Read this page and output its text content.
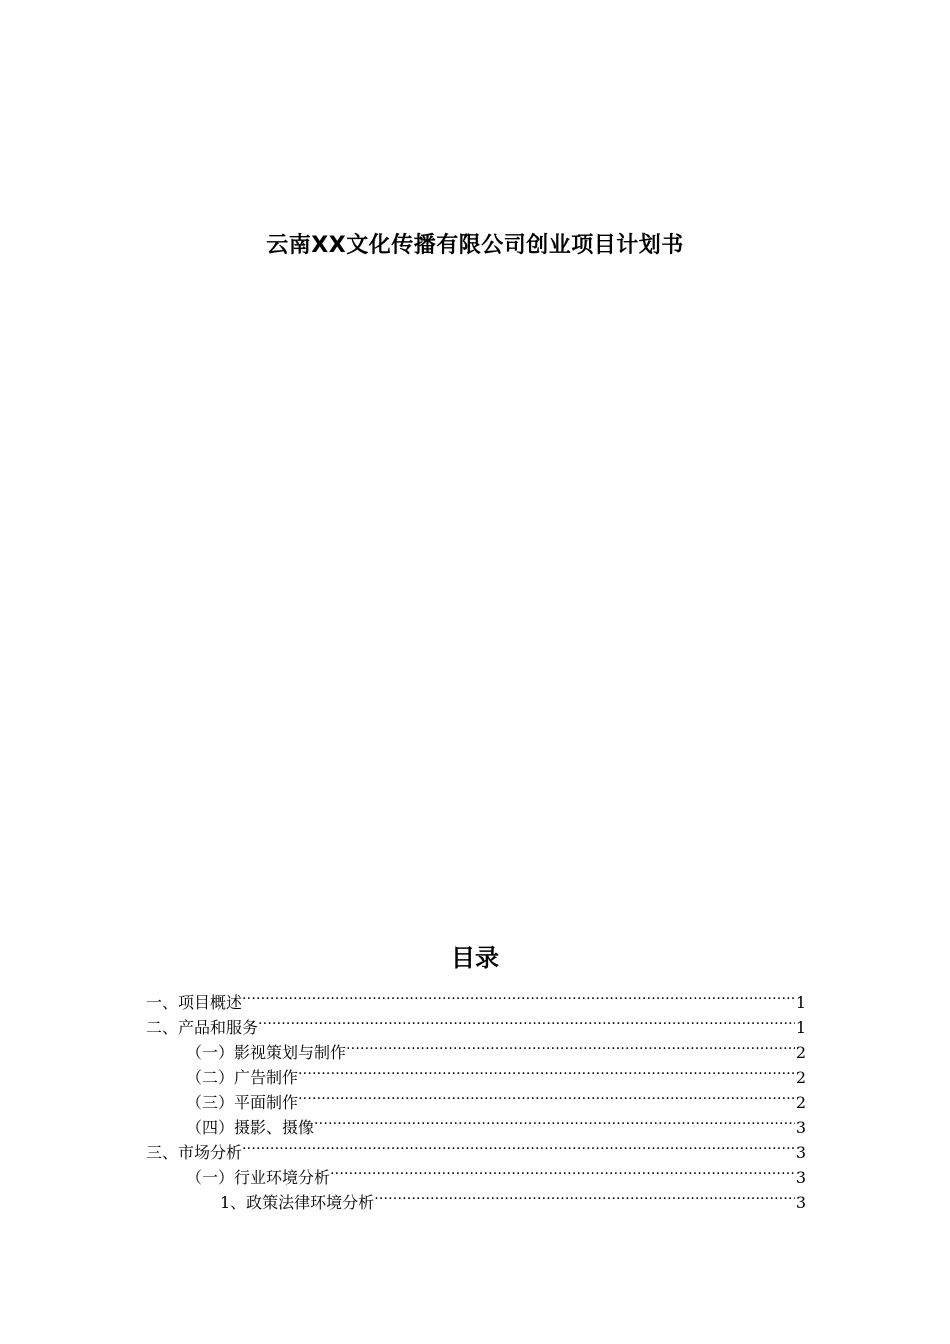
云南XX文化传播有限公司创业项目计划书
目录
一、项目概述 .....	1
二、产品和服务 .....	1
（一）影视策划与制作 .....	2
（二）广告制作 .....	2
（三）平面制作 .....	2
（四）摄影、摄像 .....	3
三、市场分析 .....	3
（一）行业环境分析 .....	3
1、政策法律环境分析 .....	3
